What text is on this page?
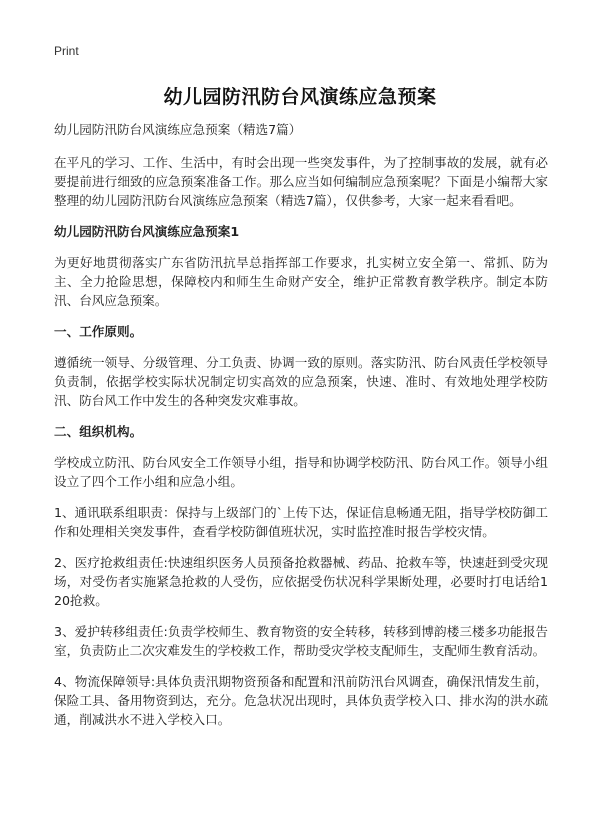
Print
幼儿园防汛防台风演练应急预案

幼儿园防汛防台风演练应急预案（精选7篇）

在平凡的学习、工作、生活中，有时会出现一些突发事件，为了控制事故的发展，就有必要提前进行细致的应急预案准备工作。那么应当如何编制应急预案呢？下面是小编帮大家整理的幼儿园防汛防台风演练应急预案（精选7篇），仅供参考，大家一起来看看吧。

幼儿园防汛防台风演练应急预案1

为更好地贯彻落实广东省防汛抗旱总指挥部工作要求，扎实树立安全第一、常抓、防为主、全力抢险思想，保障校内和师生生命财产安全，维护正常教育教学秩序。制定本防汛、台风应急预案。

一、工作原则。

遵循统一领导、分级管理、分工负责、协调一致的原则。落实防汛、防台风责任学校领导负责制，依据学校实际状况制定切实高效的应急预案，快速、准时、有效地处理学校防汛、防台风工作中发生的各种突发灾难事故。

二、组织机构。

学校成立防汛、防台风安全工作领导小组，指导和协调学校防汛、防台风工作。领导小组设立了四个工作小组和应急小组。

1、通讯联系组职责：保持与上级部门的`上传下达，保证信息畅通无阻，指导学校防御工作和处理相关突发事件，查看学校防御值班状况，实时监控准时报告学校灾情。

2、医疗抢救组责任:快速组织医务人员预备抢救器械、药品、抢救车等，快速赶到受灾现场，对受伤者实施紧急抢救的人受伤，应依据受伤状况科学果断处理，必要时打电话给120抢救。

3、爱护转移组责任:负责学校师生、教育物资的安全转移，转移到博韵楼三楼多功能报告室，负责防止二次灾难发生的学校救工作，帮助受灾学校支配师生，支配师生教育活动。

4、物流保障领导:具体负责汛期物资预备和配置和汛前防汛台风调查，确保汛情发生前，保险工具、备用物资到达，充分。危急状况出现时，具体负责学校入口、排水沟的洪水疏通，削减洪水不进入学校入口。
